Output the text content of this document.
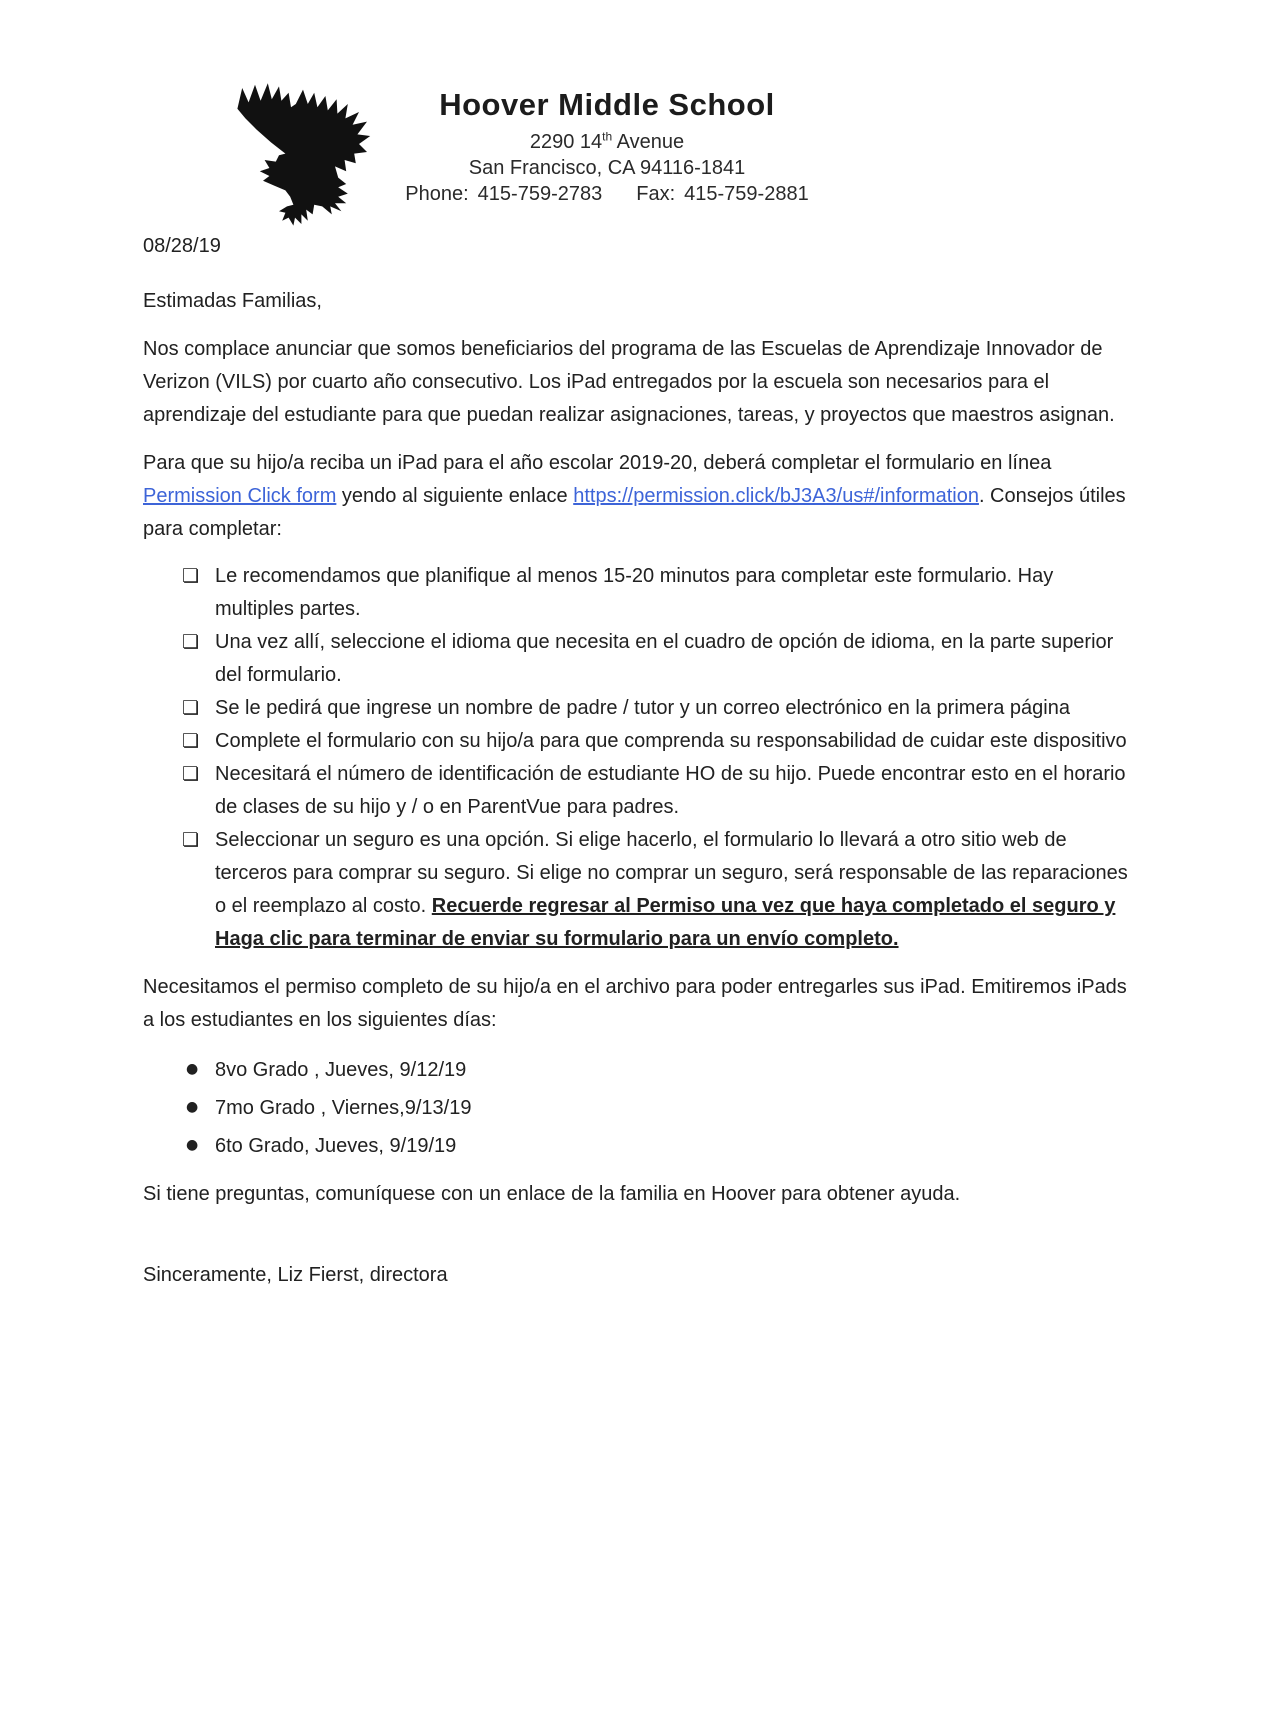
Hoover Middle School
2290 14th Avenue
San Francisco, CA 94116-1841
Phone: 415-759-2783 Fax: 415-759-2881
08/28/19
Estimadas Familias,

Nos complace anunciar que somos beneficiarios del programa de las Escuelas de Aprendizaje Innovador de Verizon (VILS) por cuarto año consecutivo. Los iPad entregados por la escuela son necesarios para el aprendizaje del estudiante para que puedan realizar asignaciones, tareas, y proyectos que maestros asignan.

Para que su hijo/a reciba un iPad para el año escolar 2019-20, deberá completar el formulario en línea Permission Click form yendo al siguiente enlace https://permission.click/bJ3A3/us#/information. Consejos útiles para completar:

❏ Le recomendamos que planifique al menos 15-20 minutos para completar este formulario. Hay multiples partes.
❏ Una vez allí, seleccione el idioma que necesita en el cuadro de opción de idioma, en la parte superior del formulario.
❏ Se le pedirá que ingrese un nombre de padre / tutor y un correo electrónico en la primera página
❏ Complete el formulario con su hijo/a para que comprenda su responsabilidad de cuidar este dispositivo
❏ Necesitará el número de identificación de estudiante HO de su hijo. Puede encontrar esto en el horario de clases de su hijo y / o en ParentVue para padres.
❏ Seleccionar un seguro es una opción. Si elige hacerlo, el formulario lo llevará a otro sitio web de terceros para comprar su seguro. Si elige no comprar un seguro, será responsable de las reparaciones o el reemplazo al costo. Recuerde regresar al Permiso una vez que haya completado el seguro y Haga clic para terminar de enviar su formulario para un envío completo.

Necesitamos el permiso completo de su hijo/a en el archivo para poder entregarles sus iPad. Emitiremos iPads a los estudiantes en los siguientes días:

● 8vo Grado , Jueves, 9/12/19
● 7mo Grado , Viernes,9/13/19
● 6to Grado, Jueves, 9/19/19

Si tiene preguntas, comuníquese con un enlace de la familia en Hoover para obtener ayuda.

Sinceramente, Liz Fierst, directora
